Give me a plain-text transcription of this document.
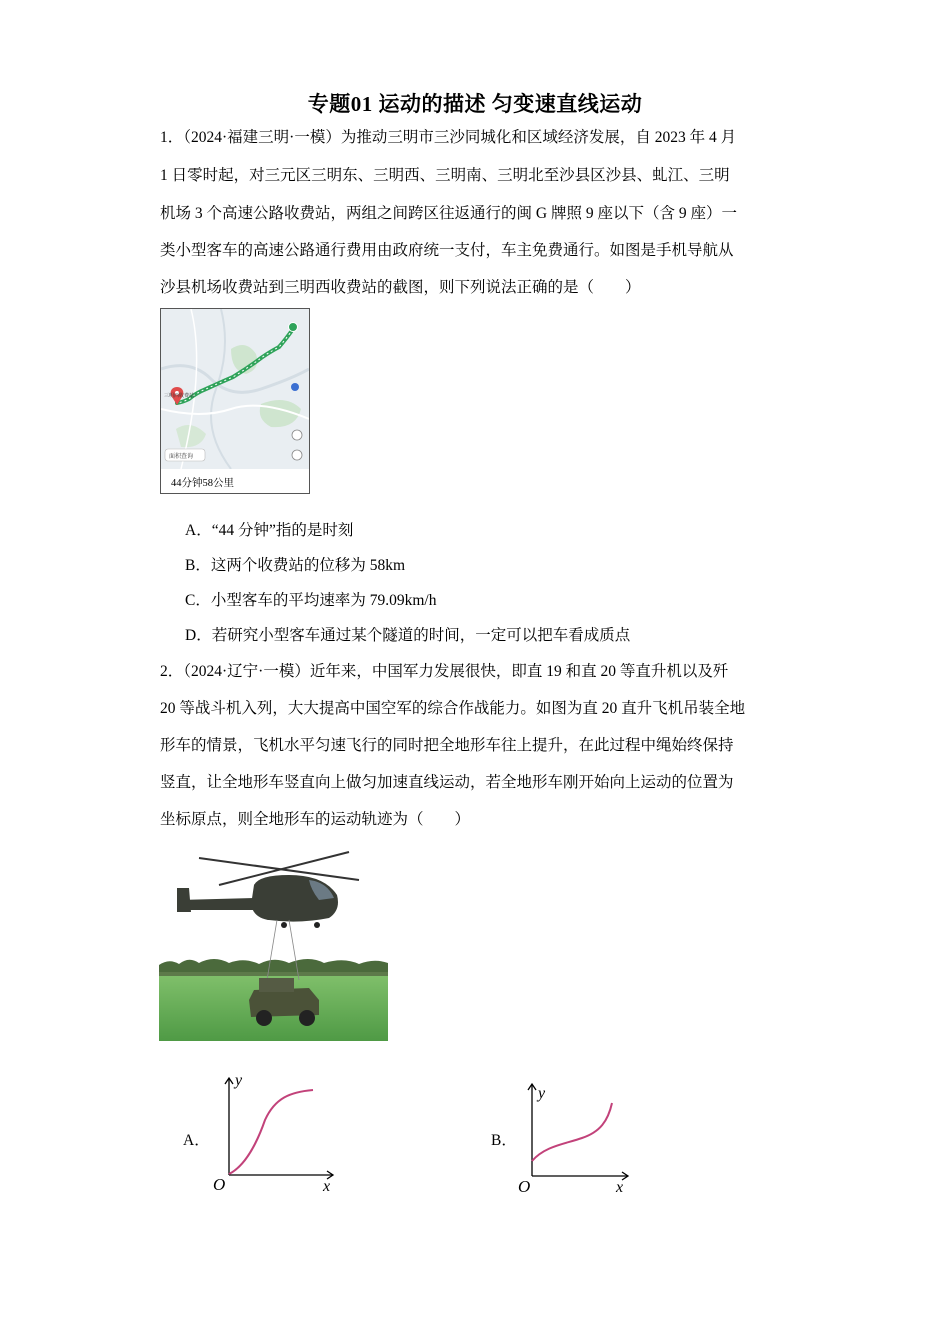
专题01 运动的描述 匀变速直线运动
1．（2024·福建三明·一模）为推动三明市三沙同城化和区域经济发展，自 2023 年 4 月
1 日零时起，对三元区三明东、三明西、三明南、三明北至沙县区沙县、虬江、三明
机场 3 个高速公路收费站，两组之间跨区往返通行的闽 G 牌照 9 座以下（含 9 座）一
类小型客车的高速公路通行费用由政府统一支付，车主免费通行。如图是手机导航从
沙县机场收费站到三明西收费站的截图，则下列说法正确的是（　　）
面积查询
三明西收费站
44分钟58公里
A．“44 分钟”指的是时刻
B．这两个收费站的位移为 58km
C．小型客车的平均速率为 79.09km/h
D．若研究小型客车通过某个隧道的时间，一定可以把车看成质点
2．（2024·辽宁·一模）近年来，中国军力发展很快，即直 19 和直 20 等直升机以及歼
20 等战斗机入列，大大提高中国空军的综合作战能力。如图为直 20 直升飞机吊装全地
形车的情景，飞机水平匀速飞行的同时把全地形车往上提升，在此过程中绳始终保持
竖直，让全地形车竖直向上做匀加速直线运动，若全地形车刚开始向上运动的位置为
坐标原点，则全地形车的运动轨迹为（　　）
A．
O	x
y
B．
O	x
y
